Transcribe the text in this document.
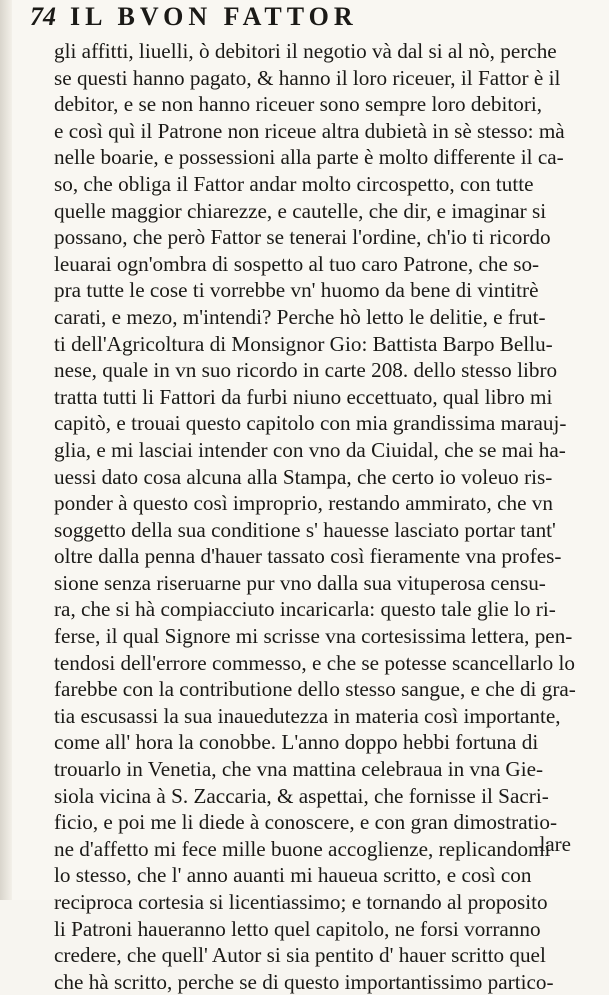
74 IL BVON FATTOR
gli affitti, liuelli, ò debitori il negotio và dal si al nò, perche
se questi hanno pagato, & hanno il loro riceuer, il Fattor è il
debitor, e se non hanno riceuer sono sempre loro debitori,
e così quì il Patrone non riceue altra dubietà in sè stesso: mà
nelle boarie, e possessioni alla parte è molto differente il ca-
so, che obliga il Fattor andar molto circospetto, con tutte
quelle maggior chiarezze, e cautelle, che dir, e imaginar si
possano, che però Fattor se tenerai l'ordine, ch'io ti ricordo
leuarai ogn'ombra di sospetto al tuo caro Patrone, che so-
pra tutte le cose ti vorrebbe vn' huomo da bene di vintitrè
carati, e mezo, m'intendi? Perche hò letto le delitie, e frut-
ti dell'Agricoltura di Monsignor Gio: Battista Barpo Bellu-
nese, quale in vn suo ricordo in carte 208. dello stesso libro
tratta tutti li Fattori da furbi niuno eccettuato, qual libro mi
capitò, e trouai questo capitolo con mia grandissima marauj-
glia, e mi lasciai intender con vno da Ciuidal, che se mai ha-
uessi dato cosa alcuna alla Stampa, che certo io voleuo ris-
ponder à questo così improprio, restando ammirato, che vn
soggetto della sua conditione s' hauesse lasciato portar tant'
oltre dalla penna d'hauer tassato così fieramente vna profes-
sione senza riseruarne pur vno dalla sua vituperosa censu-
ra, che si hà compiacciuto incaricarla: questo tale glie lo ri-
ferse, il qual Signore mi scrisse vna cortesissima lettera, pen-
tendosi dell'errore commesso, e che se potesse scancellarlo lo
farebbe con la contributione dello stesso sangue, e che di gra-
tia escusassi la sua inauedutezza in materia così importante,
come all' hora la conobbe. L'anno doppo hebbi fortuna di
trouarlo in Venetia, che vna mattina celebraua in vna Gie-
siola vicina à S. Zaccaria, & aspettai, che fornisse il Sacri-
ficio, e poi me li diede à conoscere, e con gran dimostratio-
ne d'affetto mi fece mille buone accoglienze, replicandomi
lo stesso, che l' anno auanti mi haueua scritto, e così con
reciproca cortesia si licentiassimo; e tornando al proposito
li Patroni haueranno letto quel capitolo, ne forsi vorranno
credere, che quell' Autor si sia pentito d' hauer scritto quel
che hà scritto, perche se di questo importantissimo partico-
lare
